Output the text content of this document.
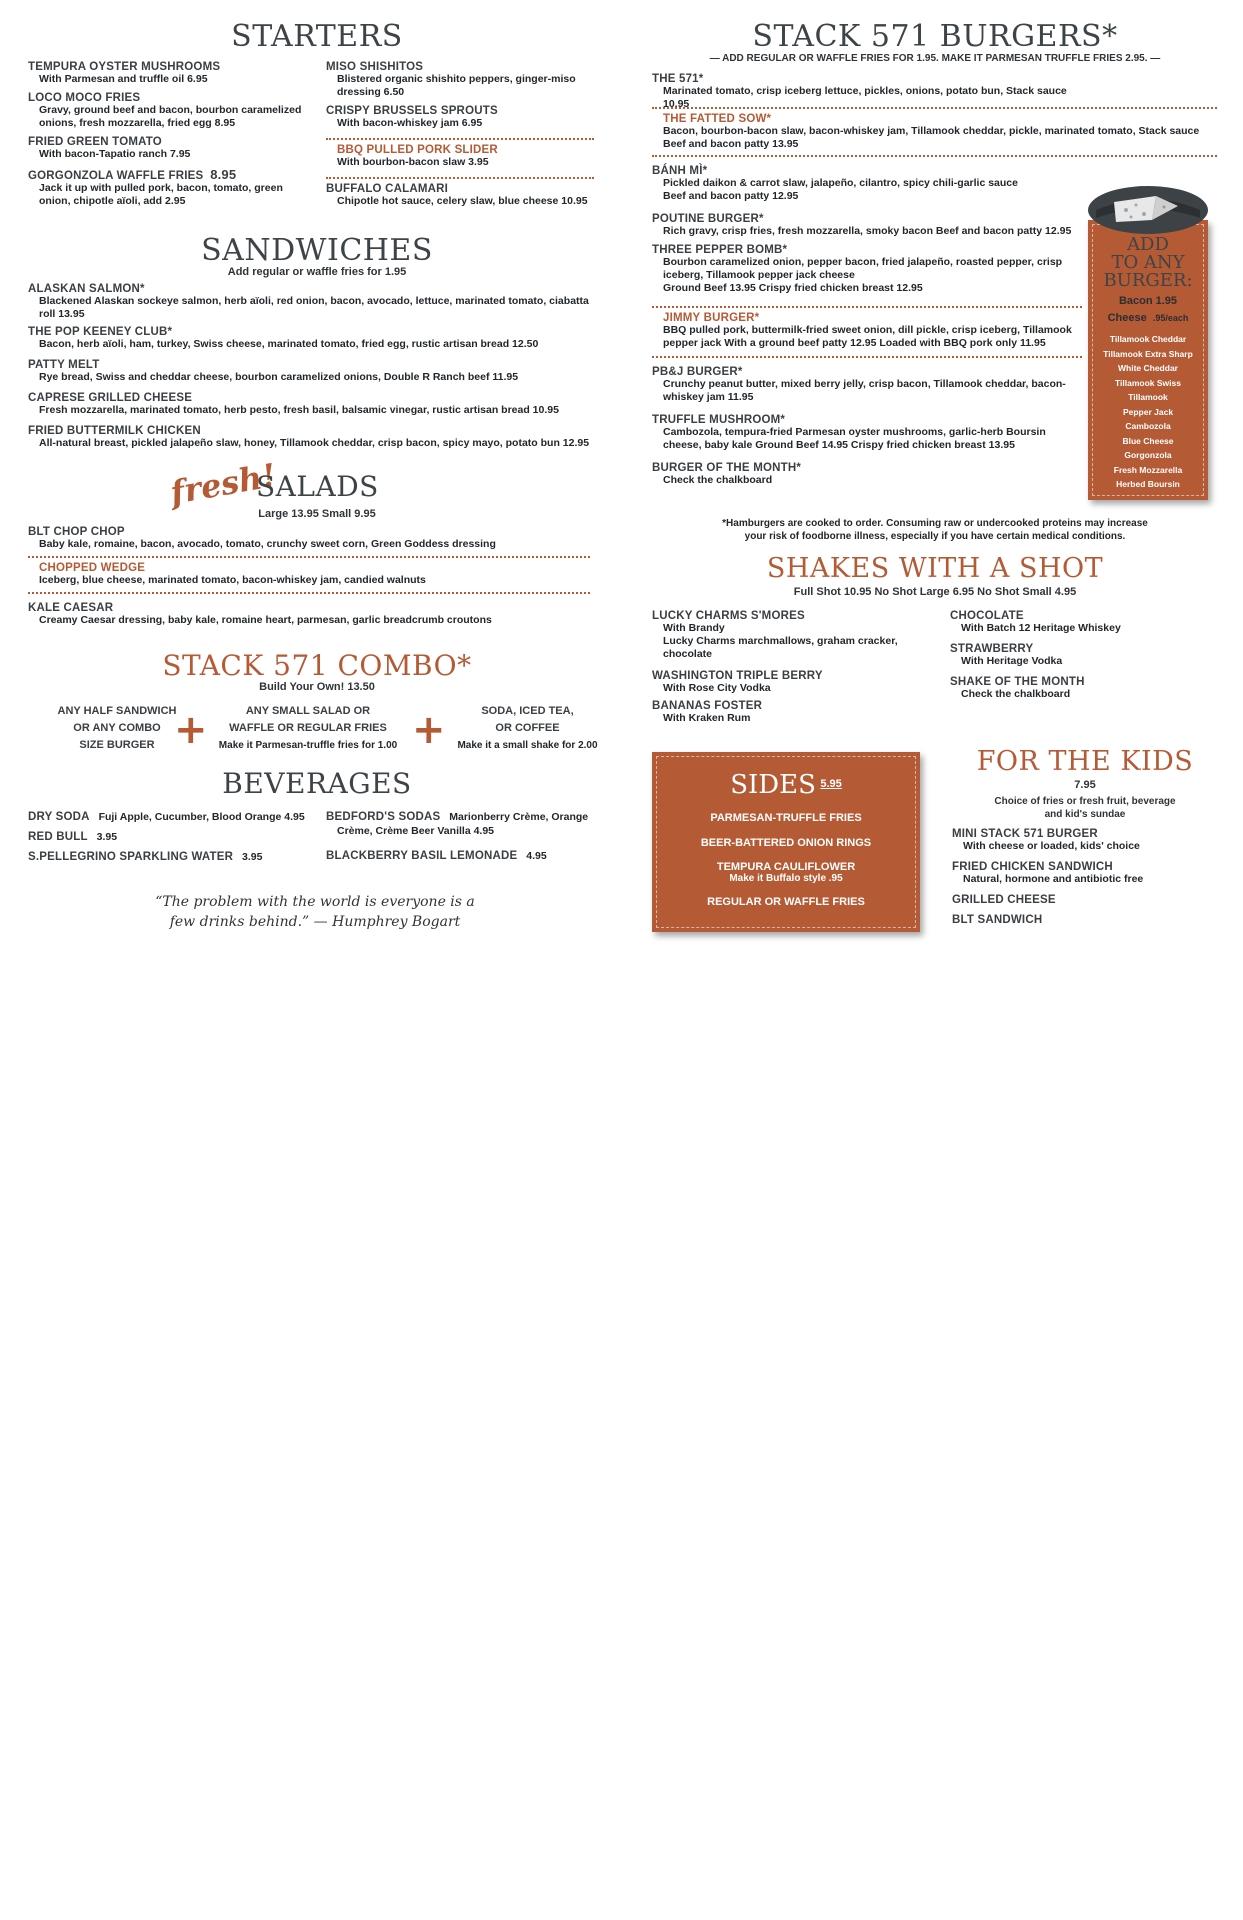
STARTERS
TEMPURA OYSTER MUSHROOMS
With Parmesan and truffle oil 6.95
LOCO MOCO FRIES
Gravy, ground beef and bacon, bourbon caramelized onions, fresh mozzarella, fried egg 8.95
FRIED GREEN TOMATO
With bacon-Tapatio ranch 7.95
GORGONZOLA WAFFLE FRIES 8.95
Jack it up with pulled pork, bacon, tomato, green onion, chipotle aïoli, add 2.95
MISO SHISHITOS
Blistered organic shishito peppers, ginger-miso dressing 6.50
CRISPY BRUSSELS SPROUTS
With bacon-whiskey jam 6.95
BBQ PULLED PORK SLIDER
With bourbon-bacon slaw 3.95
BUFFALO CALAMARI
Chipotle hot sauce, celery slaw, blue cheese 10.95
SANDWICHES
Add regular or waffle fries for 1.95
ALASKAN SALMON*
Blackened Alaskan sockeye salmon, herb aïoli, red onion, bacon, avocado, lettuce, marinated tomato, ciabatta roll 13.95
THE POP KEENEY CLUB*
Bacon, herb aïoli, ham, turkey, Swiss cheese, marinated tomato, fried egg, rustic artisan bread 12.50
PATTY MELT
Rye bread, Swiss and cheddar cheese, bourbon caramelized onions, Double R Ranch beef 11.95
CAPRESE GRILLED CHEESE
Fresh mozzarella, marinated tomato, herb pesto, fresh basil, balsamic vinegar, rustic artisan bread 10.95
FRIED BUTTERMILK CHICKEN
All-natural breast, pickled jalapeño slaw, honey, Tillamook cheddar, crisp bacon, spicy mayo, potato bun 12.95
fresh!
SALADS
Large 13.95 Small 9.95
BLT CHOP CHOP
Baby kale, romaine, bacon, avocado, tomato, crunchy sweet corn, Green Goddess dressing
CHOPPED WEDGE
Iceberg, blue cheese, marinated tomato, bacon-whiskey jam, candied walnuts
KALE CAESAR
Creamy Caesar dressing, baby kale, romaine heart, parmesan, garlic breadcrumb croutons
STACK 571 COMBO*
Build Your Own! 13.50
ANY HALF SANDWICH
OR ANY COMBO
SIZE BURGER +	ANY SMALL SALAD OR
WAFFLE OR REGULAR FRIES
Make it Parmesan-truffle fries for 1.00 +	SODA, ICED TEA,
OR COFFEE
Make it a small shake for 2.00
BEVERAGES
DRY SODA Fuji Apple, Cucumber, Blood Orange 4.95
RED BULL 3.95
S.PELLEGRINO SPARKLING WATER 3.95
BEDFORD'S SODAS Marionberry Crème, Orange
Crème, Crème Beer Vanilla 4.95
BLACKBERRY BASIL LEMONADE 4.95
“The problem with the world is everyone is a
few drinks behind.” — Humphrey Bogart
STACK 571 BURGERS*
— ADD REGULAR OR WAFFLE FRIES FOR 1.95. MAKE IT PARMESAN TRUFFLE FRIES 2.95. —
THE 571*
Marinated tomato, crisp iceberg lettuce, pickles, onions, potato bun, Stack sauce 10.95
THE FATTED SOW*
Bacon, bourbon-bacon slaw, bacon-whiskey jam, Tillamook cheddar, pickle, marinated tomato, Stack sauce Beef and bacon patty 13.95
BÁNH MÌ*
Pickled daikon & carrot slaw, jalapeño, cilantro, spicy chili-garlic sauce
Beef and bacon patty 12.95
POUTINE BURGER*
Rich gravy, crisp fries, fresh mozzarella, smoky bacon Beef and bacon patty 12.95
THREE PEPPER BOMB*
Bourbon caramelized onion, pepper bacon, fried jalapeño, roasted pepper, crisp iceberg, Tillamook pepper jack cheese
Ground Beef 13.95 Crispy fried chicken breast 12.95
JIMMY BURGER*
BBQ pulled pork, buttermilk-fried sweet onion, dill pickle, crisp iceberg, Tillamook pepper jack With a ground beef patty 12.95 Loaded with BBQ pork only 11.95
PB&J BURGER*
Crunchy peanut butter, mixed berry jelly, crisp bacon, Tillamook cheddar, bacon-whiskey jam 11.95
TRUFFLE MUSHROOM*
Cambozola, tempura-fried Parmesan oyster mushrooms, garlic-herb Boursin cheese, baby kale Ground Beef 14.95 Crispy fried chicken breast 13.95
BURGER OF THE MONTH*
Check the chalkboard
*Hamburgers are cooked to order. Consuming raw or undercooked proteins may increase
your risk of foodborne illness, especially if you have certain medical conditions.
ADD
TO ANY
BURGER:
Bacon 1.95
Cheese .95/each
Tillamook Cheddar
Tillamook Extra Sharp
White Cheddar
Tillamook Swiss
Tillamook
Pepper Jack
Cambozola
Blue Cheese
Gorgonzola
Fresh Mozzarella
Herbed Boursin
SHAKES WITH A SHOT
Full Shot 10.95 No Shot Large 6.95 No Shot Small 4.95
LUCKY CHARMS S'MORES
With Brandy
Lucky Charms marchmallows, graham cracker, chocolate
WASHINGTON TRIPLE BERRY
With Rose City Vodka
BANANAS FOSTER
With Kraken Rum
CHOCOLATE
With Batch 12 Heritage Whiskey
STRAWBERRY
With Heritage Vodka
SHAKE OF THE MONTH
Check the chalkboard
SIDES $^{5.95}$
PARMESAN-TRUFFLE FRIES
BEER-BATTERED ONION RINGS
TEMPURA CAULIFLOWER
Make it Buffalo style .95
REGULAR OR WAFFLE FRIES
FOR THE KIDS
7.95
Choice of fries or fresh fruit, beverage
and kid's sundae
MINI STACK 571 BURGER
With cheese or loaded, kids' choice
FRIED CHICKEN SANDWICH
Natural, hormone and antibiotic free
GRILLED CHEESE
BLT SANDWICH
